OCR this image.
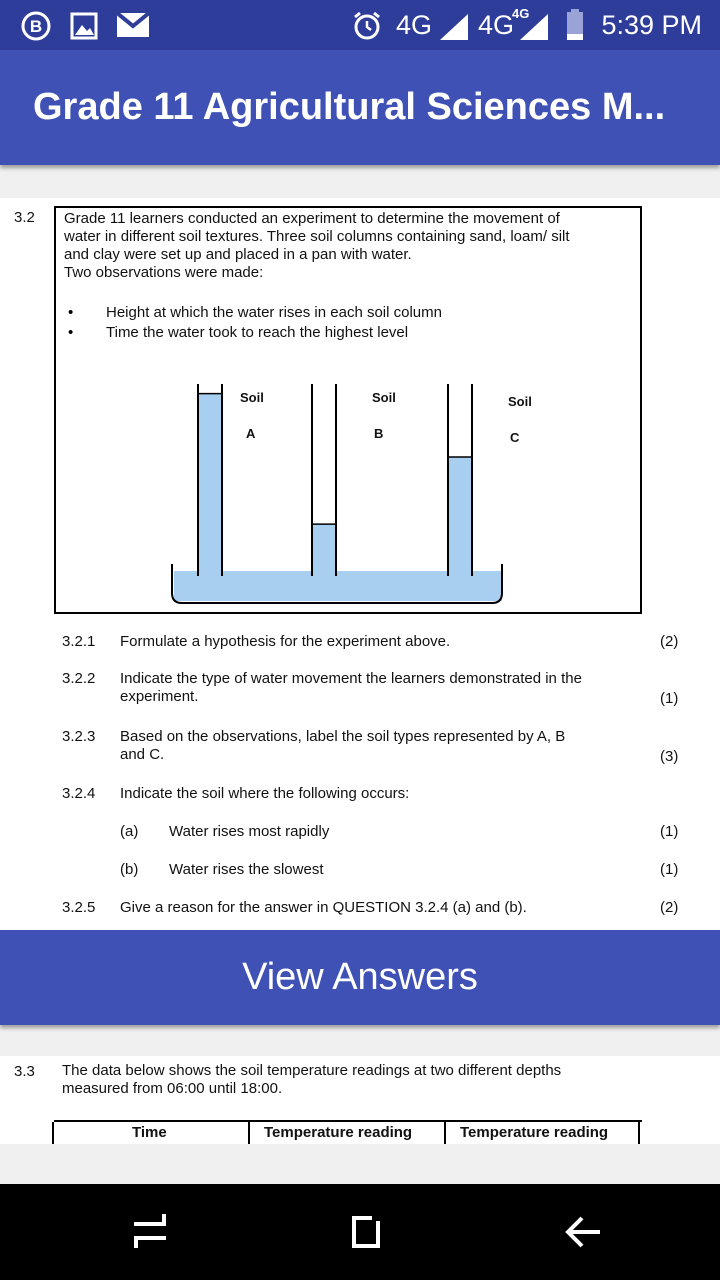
B	4G 4G
4G	5:39 PM
Grade 11 Agricultural Sciences M...
3.2 Grade 11 learners conducted an experiment to determine the movement of
water in different soil textures. Three soil columns containing sand, loam/ silt
and clay were set up and placed in a pan with water.
Two observations were made:
• Height at which the water rises in each soil column
• Time the water took to reach the highest level
Soil
A
Soil
B
Soil
C
3.2.1 Formulate a hypothesis for the experiment above.	(2)
3.2.2 Indicate the type of water movement the learners demonstrated in the
experiment.	(1)
3.2.3 Based on the observations, label the soil types represented by A, B
and C.	(3)
3.2.4 Indicate the soil where the following occurs:
(a) Water rises most rapidly	(1)
(b) Water rises the slowest	(1)
3.2.5 Give a reason for the answer in QUESTION 3.2.4 (a) and (b).	(2)
View Answers
3.3 The data below shows the soil temperature readings at two different depths
measured from 06:00 until 18:00.
Time	Temperature reading	Temperature reading
